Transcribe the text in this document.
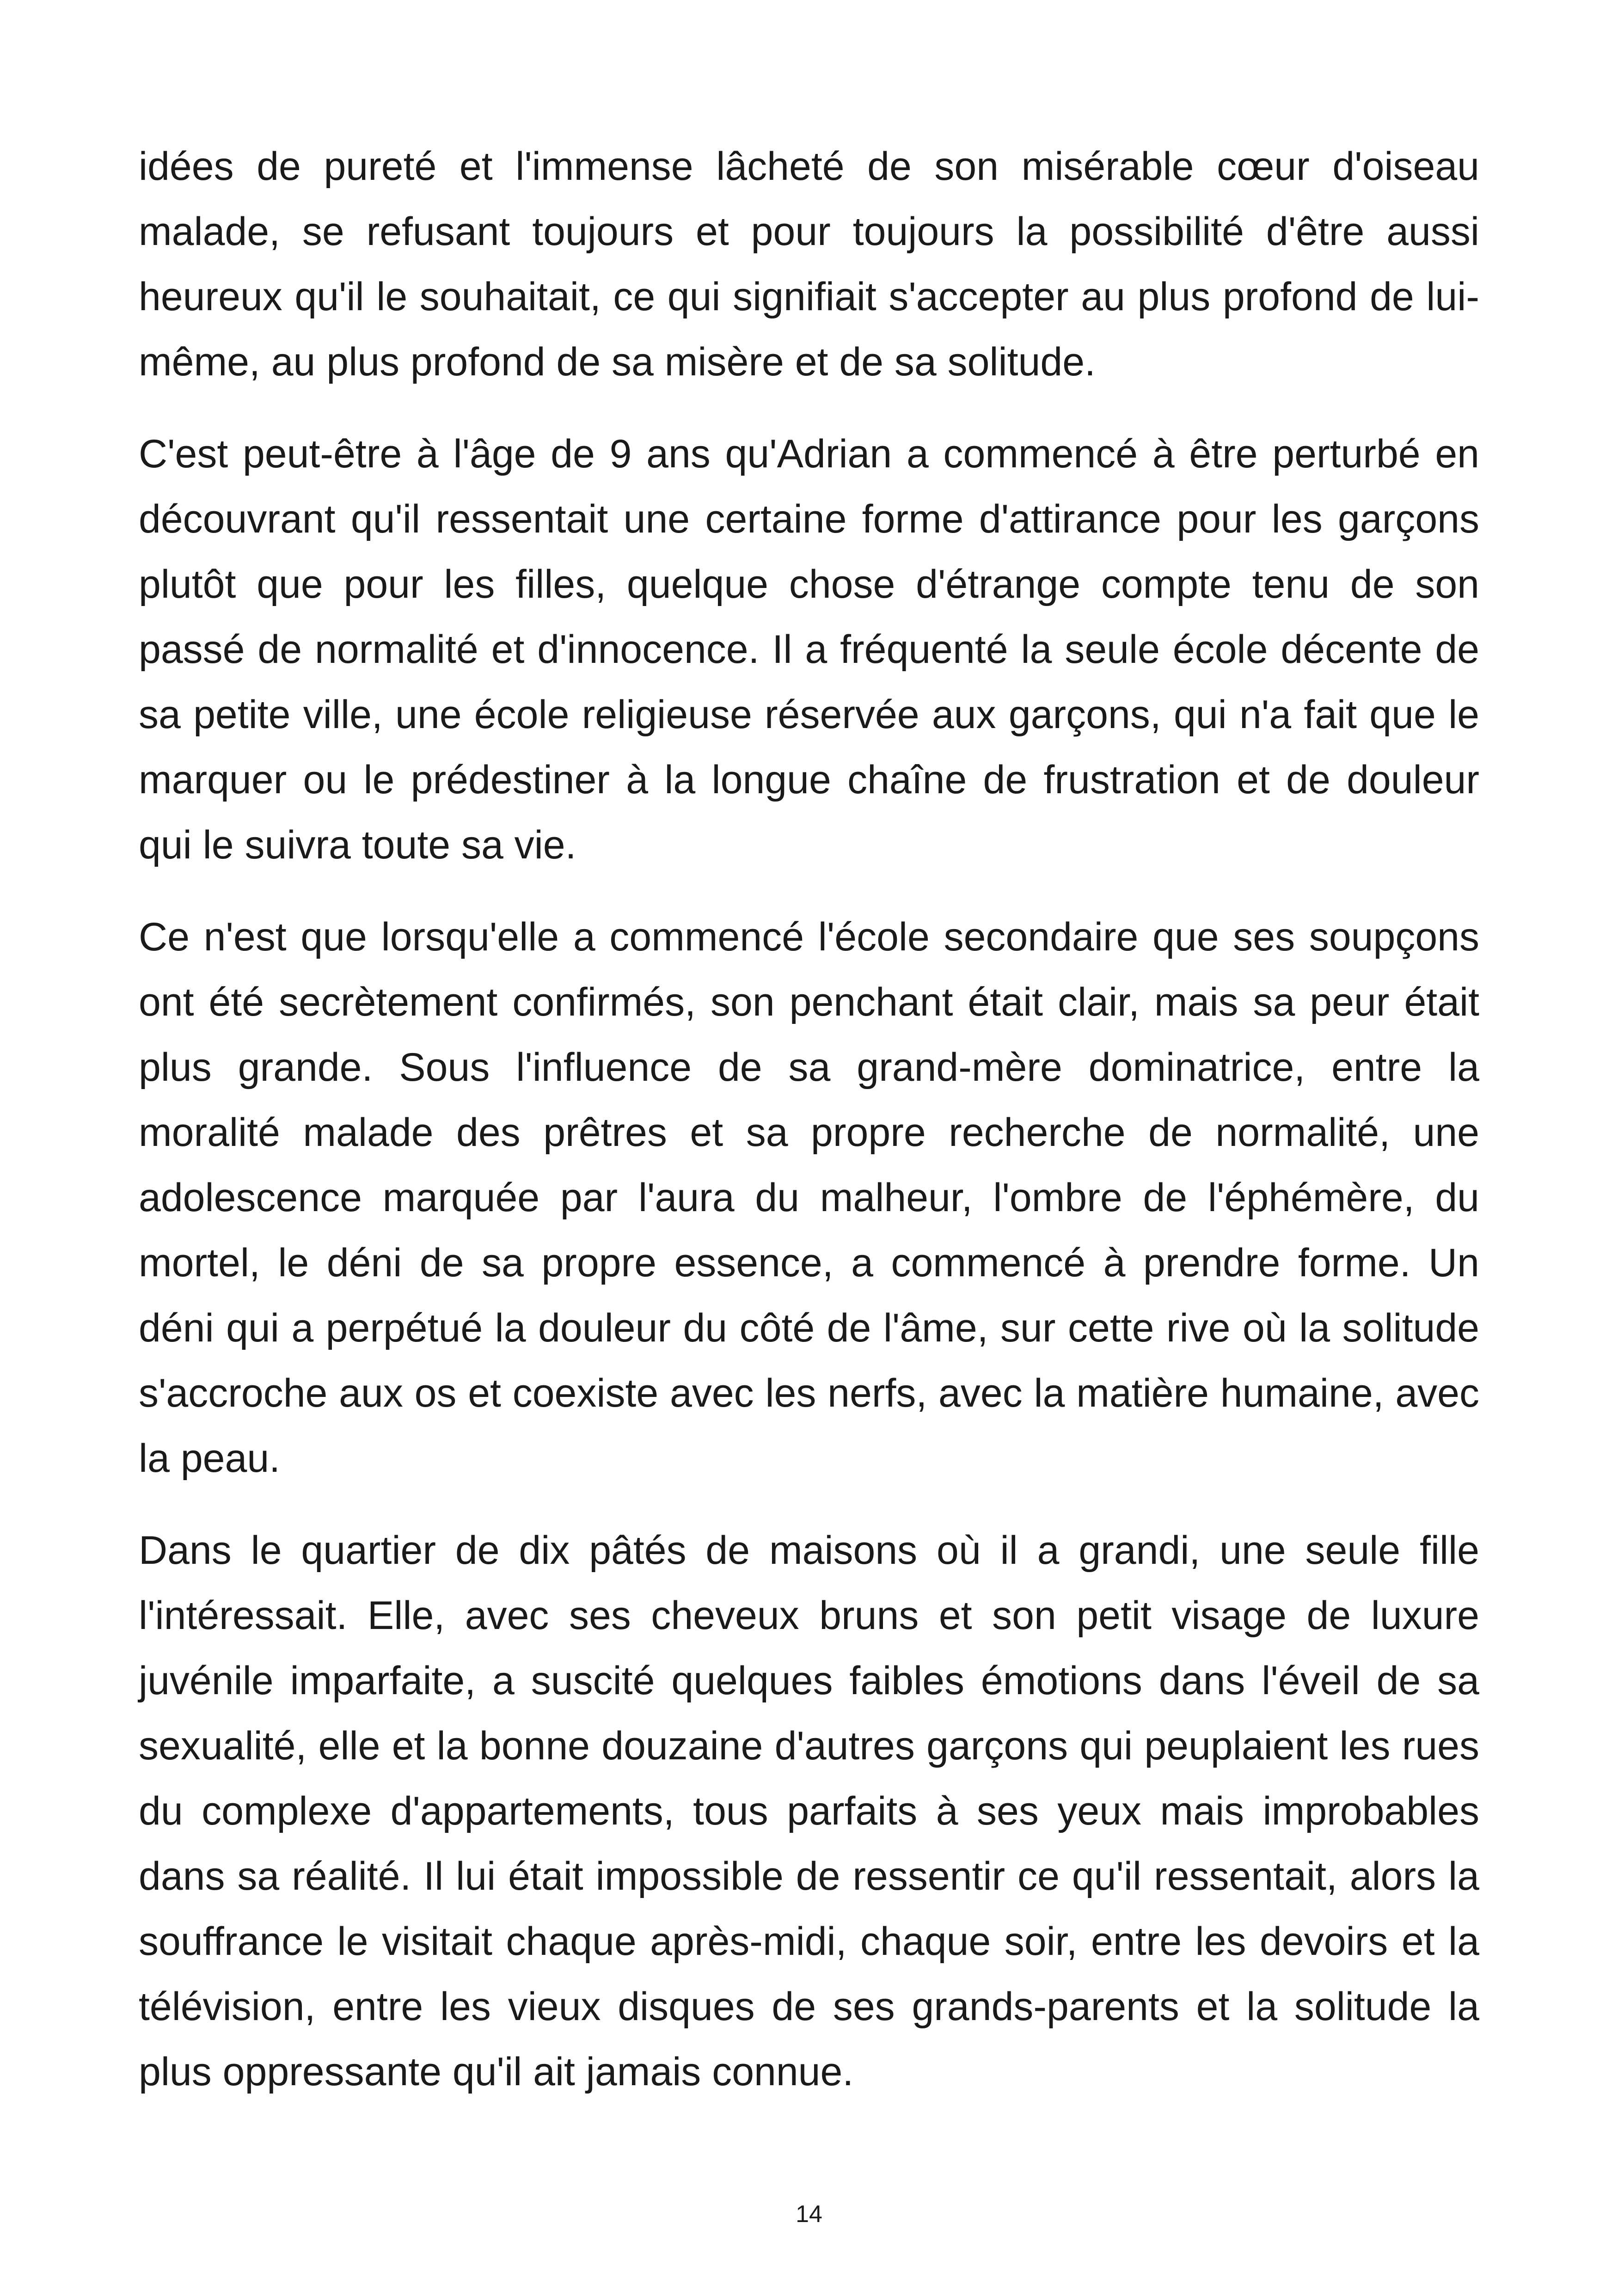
idées de pureté et l'immense lâcheté de son misérable cœur d'oiseau malade, se refusant toujours et pour toujours la possibilité d'être aussi heureux qu'il le souhaitait, ce qui signifiait s'accepter au plus profond de lui-même, au plus profond de sa misère et de sa solitude.

C'est peut-être à l'âge de 9 ans qu'Adrian a commencé à être perturbé en découvrant qu'il ressentait une certaine forme d'attirance pour les garçons plutôt que pour les filles, quelque chose d'étrange compte tenu de son passé de normalité et d'innocence. Il a fréquenté la seule école décente de sa petite ville, une école religieuse réservée aux garçons, qui n'a fait que le marquer ou le prédestiner à la longue chaîne de frustration et de douleur qui le suivra toute sa vie.

Ce n'est que lorsqu'elle a commencé l'école secondaire que ses soupçons ont été secrètement confirmés, son penchant était clair, mais sa peur était plus grande. Sous l'influence de sa grand-mère dominatrice, entre la moralité malade des prêtres et sa propre recherche de normalité, une adolescence marquée par l'aura du malheur, l'ombre de l'éphémère, du mortel, le déni de sa propre essence, a commencé à prendre forme. Un déni qui a perpétué la douleur du côté de l'âme, sur cette rive où la solitude s'accroche aux os et coexiste avec les nerfs, avec la matière humaine, avec la peau.

Dans le quartier de dix pâtés de maisons où il a grandi, une seule fille l'intéressait. Elle, avec ses cheveux bruns et son petit visage de luxure juvénile imparfaite, a suscité quelques faibles émotions dans l'éveil de sa sexualité, elle et la bonne douzaine d'autres garçons qui peuplaient les rues du complexe d'appartements, tous parfaits à ses yeux mais improbables dans sa réalité. Il lui était impossible de ressentir ce qu'il ressentait, alors la souffrance le visitait chaque après-midi, chaque soir, entre les devoirs et la télévision, entre les vieux disques de ses grands-parents et la solitude la plus oppressante qu'il ait jamais connue.

14
